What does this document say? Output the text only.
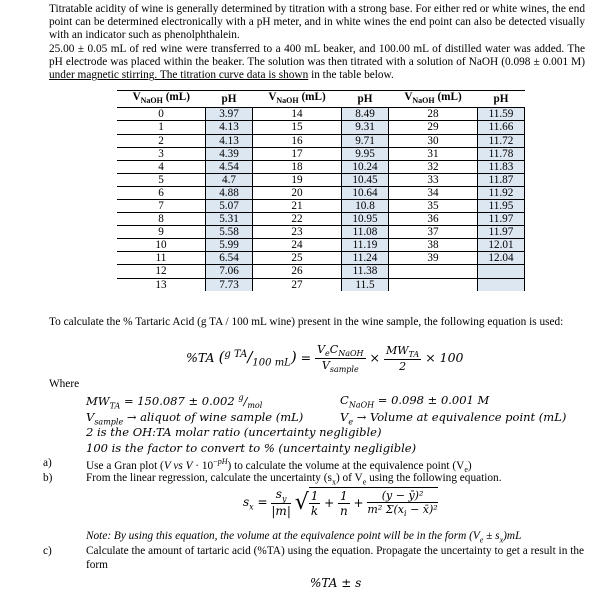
Titratable acidity of wine is generally determined by titration with a strong base. For either red or white wines, the end point can be determined electronically with a pH meter, and in white wines the end point can also be detected visually with an indicator such as phenolphthalein.

25.00 ± 0.05 mL of red wine were transferred to a 400 mL beaker, and 100.00 mL of distilled water was added. The pH electrode was placed within the beaker. The solution was then titrated with a solution of NaOH (0.098 ± 0.001 M) under magnetic stirring. The titration curve data is shown in the table below.

$V_{NaOH}$ (mL)	pH	$V_{NaOH}$ (mL)	pH	$V_{NaOH}$ (mL)	pH
0	3.97	14	8.49	28	11.59
1	4.13	15	9.31	29	11.66
2	4.13	16	9.71	30	11.72
3	4.39	17	9.95	31	11.78
4	4.54	18	10.24	32	11.83
5	4.7	19	10.45	33	11.87
6	4.88	20	10.64	34	11.92
7	5.07	21	10.8	35	11.95
8	5.31	22	10.95	36	11.97
9	5.58	23	11.08	37	11.97
10	5.99	24	11.19	38	12.01
11	6.54	25	11.24	39	12.04
12	7.06	26	11.38		
13	7.73	27	11.5		

To calculate the % Tartaric Acid (g TA / 100 mL wine) present in the wine sample, the following equation is used:

%TA $(^{g TA}/_{100 mL}) = \frac{V_eC_{NaOH}}{V_{sample}} \times \frac{MW_{TA}}{2} \times 100$
Where
$MW_{TA} = 150.087 \pm 0.002$ $^g/_{mol}$	$C_{NaOH} = 0.098 \pm 0.001$ M
$V_{sample}$ → aliquot of wine sample (mL)	$V_e$ → Volume at equivalence point (mL)
2 is the OH:TA molar ratio (uncertainty negligible)
100 is the factor to convert to % (uncertainty negligible)
a)	Use a Gran plot (V vs $V \cdot 10^{-pH}$) to calculate the volume at the equivalence point $(V_e)$
b)	From the linear regression, calculate the uncertainty $(s_x)$ of $V_e$ using the following equation.
$s_x = \frac{s_y}{|m|}$ √ $\frac{1}{k} + \frac{1}{n} + \frac{\text{(y − ȳ)²}}{m^2 \Sigma(x_i - x̄)^2}$
Note: By using this equation, the volume at the equivalence point will be in the form $(V_e \pm s_x)mL$
c)	Calculate the amount of tartaric acid (%TA) using the equation. Propagate the uncertainty to get a result in the form
%TA ± s
